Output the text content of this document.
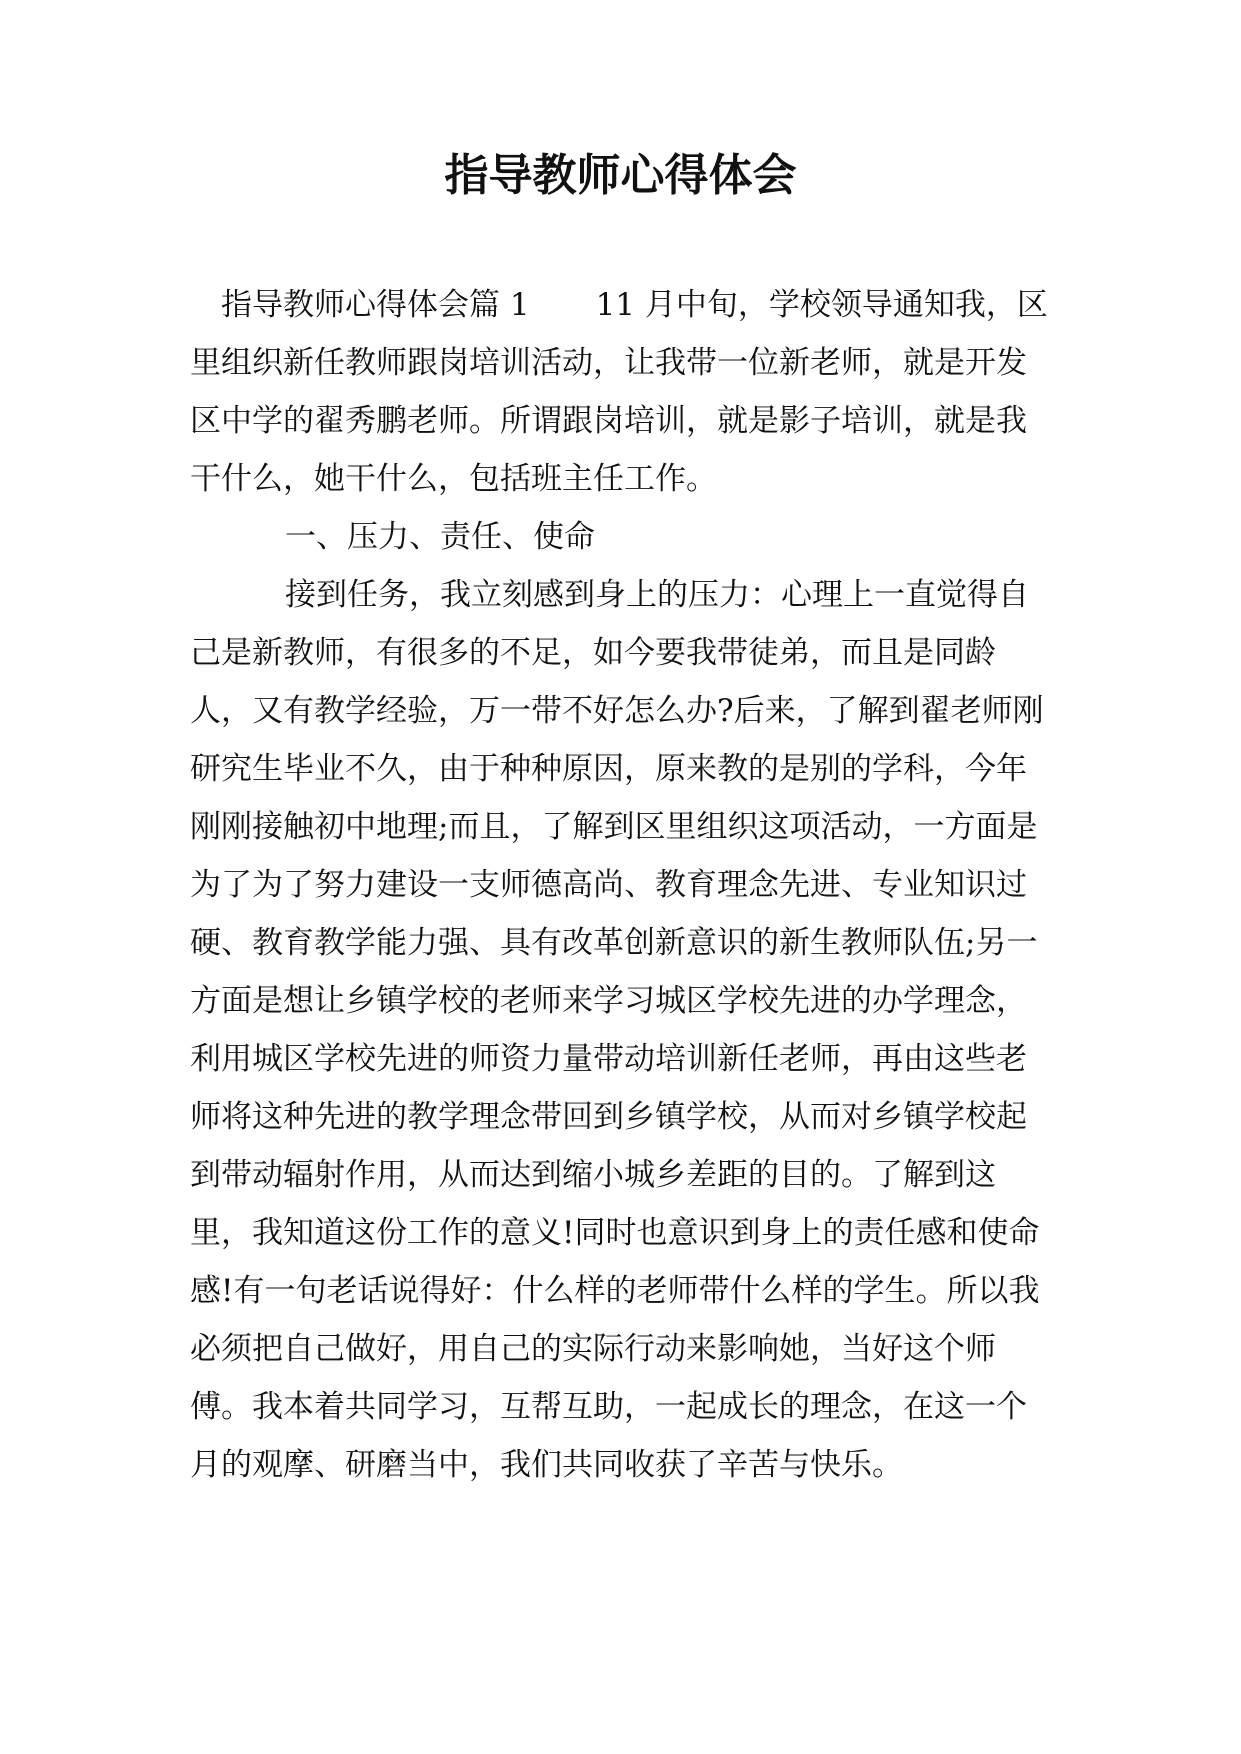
指导教师心得体会

指导教师心得体会篇 1 11 月中旬，学校领导通知我，区里组织新任教师跟岗培训活动，让我带一位新老师，就是开发区中学的翟秀鹏老师。所谓跟岗培训，就是影子培训，就是我干什么，她干什么，包括班主任工作。

一、压力、责任、使命

接到任务，我立刻感到身上的压力：心理上一直觉得自己是新教师，有很多的不足，如今要我带徒弟，而且是同龄人，又有教学经验，万一带不好怎么办?后来，了解到翟老师刚研究生毕业不久，由于种种原因，原来教的是别的学科，今年刚刚接触初中地理;而且，了解到区里组织这项活动，一方面是为了为了努力建设一支师德高尚、教育理念先进、专业知识过硬、教育教学能力强、具有改革创新意识的新生教师队伍;另一方面是想让乡镇学校的老师来学习城区学校先进的办学理念，利用城区学校先进的师资力量带动培训新任老师，再由这些老师将这种先进的教学理念带回到乡镇学校，从而对乡镇学校起到带动辐射作用，从而达到缩小城乡差距的目的。了解到这里，我知道这份工作的意义!同时也意识到身上的责任感和使命感!有一句老话说得好：什么样的老师带什么样的学生。所以我必须把自己做好，用自己的实际行动来影响她，当好这个师傅。我本着共同学习，互帮互助，一起成长的理念，在这一个月的观摩、研磨当中，我们共同收获了辛苦与快乐。
